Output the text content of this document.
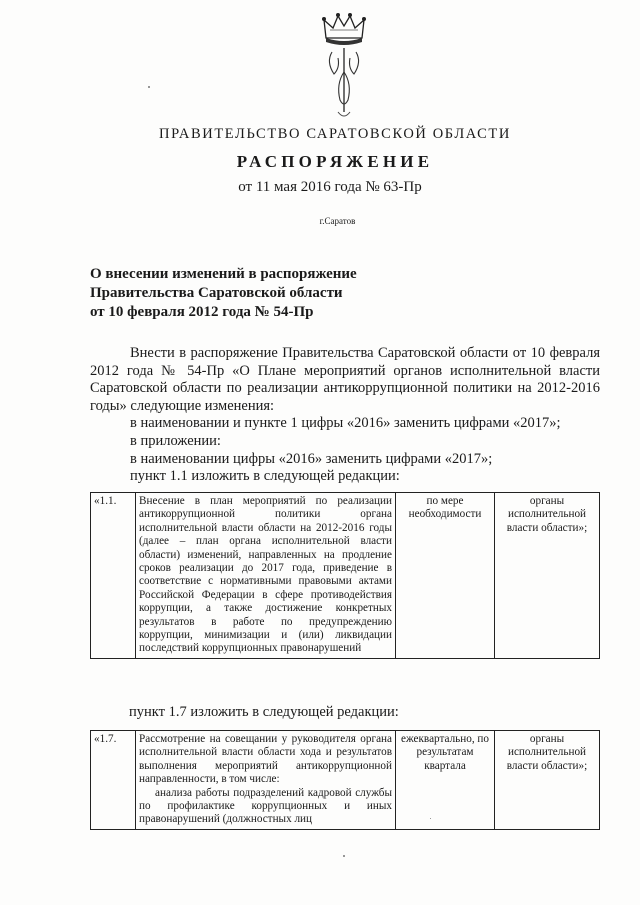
ПРАВИТЕЛЬСТВО САРАТОВСКОЙ ОБЛАСТИ
РАСПОРЯЖЕНИЕ
от 11 мая 2016 года № 63-Пр
г.Саратов
О внесении изменений в распоряжение
Правительства Саратовской области
от 10 февраля 2012 года № 54-Пр

Внести в распоряжение Правительства Саратовской области от 10 февраля 2012 года № 54-Пр «О Плане мероприятий органов исполнительной власти Саратовской области по реализации антикоррупционной политики на 2012-2016 годы» следующие изменения:

в наименовании и пункте 1 цифры «2016» заменить цифрами «2017»;

в приложении:

в наименовании цифры «2016» заменить цифрами «2017»;

пункт 1.1 изложить в следующей редакции:

«1.1.	Внесение в план мероприятий по реализации антикоррупционной политики органа исполнительной власти области на 2012-2016 годы (далее – план органа исполнительной власти области) изменений, направленных на продление сроков реализации до 2017 года, приведение в соответствие с нормативными правовыми актами Российской Федерации в сфере противодействия коррупции, а также достижение конкретных результатов в работе по предупреждению коррупции, минимизации и (или) ликвидации последствий коррупционных правонарушений	по мере необходимости	органы исполнительной власти области»;
пункт 1.7 изложить в следующей редакции:
«1.7.	Рассмотрение на совещании у руководителя органа исполнительной власти области хода и результатов выполнения мероприятий антикоррупционной направленности, в том числе:
анализа работы подразделений кадровой службы по профилактике коррупционных и иных правонарушений (должностных лиц
	ежеквартально, по результатам квартала	органы исполнительной власти области»;
